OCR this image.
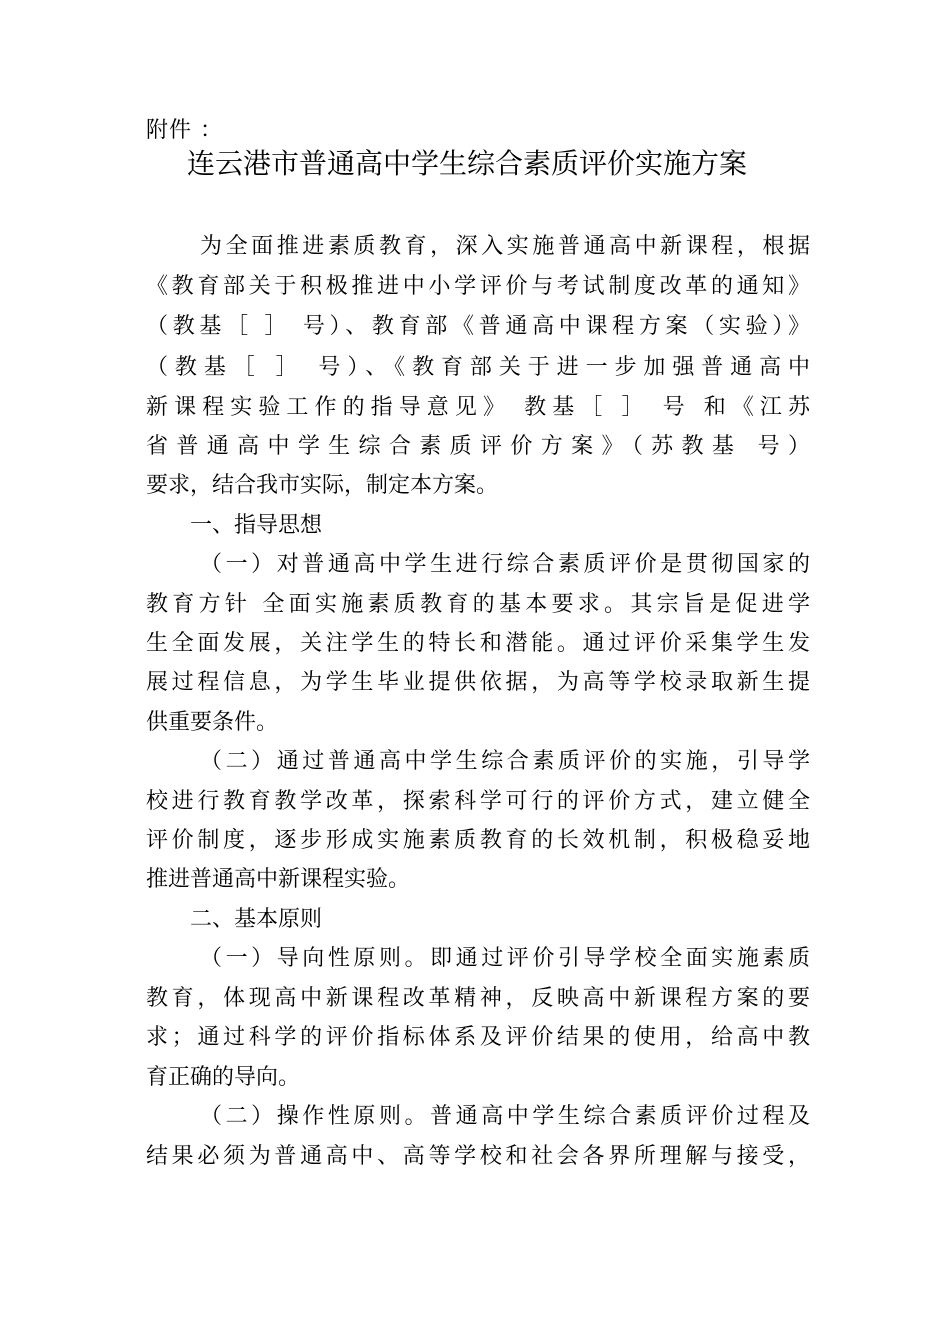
附件 ：
连云港市普通高中学生综合素质评价实施方案
为全面推进素质教育，深入实施普通高中新课程，根据
《教育部关于积极推进中小学评价与考试制度改革的通知》
（教基［ ］ 号）、教育部《普通高中课程方案（实验）》
（教基［ ］ 号）、《教育部关于进一步加强普通高中
新课程实验工作的指导意见》 教基［ ］ 号 和《江苏
省普通高中学生综合素质评价方案》（苏教基 号）
要求，结合我市实际，制定本方案。
一、指导思想
（一）对普通高中学生进行综合素质评价是贯彻国家的
教育方针 全面实施素质教育的基本要求。其宗旨是促进学
生全面发展，关注学生的特长和潜能。通过评价采集学生发
展过程信息，为学生毕业提供依据，为高等学校录取新生提
供重要条件。
（二）通过普通高中学生综合素质评价的实施，引导学
校进行教育教学改革，探索科学可行的评价方式，建立健全
评价制度，逐步形成实施素质教育的长效机制，积极稳妥地
推进普通高中新课程实验。
二、基本原则
（一）导向性原则。即通过评价引导学校全面实施素质
教育，体现高中新课程改革精神，反映高中新课程方案的要
求；通过科学的评价指标体系及评价结果的使用，给高中教
育正确的导向。
（二）操作性原则。普通高中学生综合素质评价过程及
结果必须为普通高中、高等学校和社会各界所理解与接受，
